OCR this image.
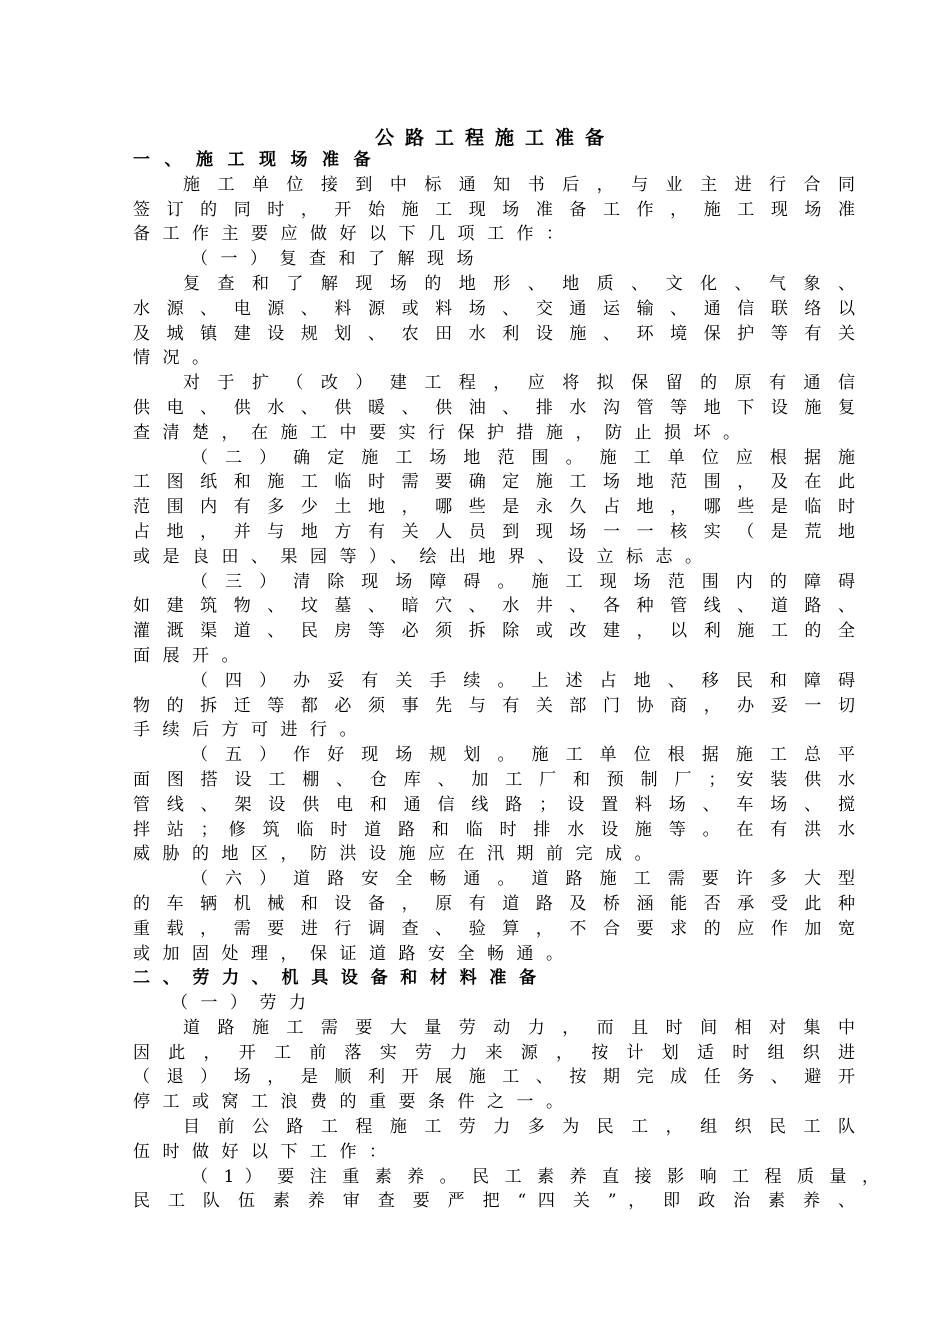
公路工程施工准备
一、施工现场准备
施​ 工​ 单​ 位​ 接​ 到​ 中​ 标​ 通​ 知​ 书​ 后​ ，​ 与​ 业​ 主​ 进​ 行​ 合​ 同
签​ 订​ 的​ 同​ 时​ ，​ 开​ 始​ 施​ 工​ 现​ 场​ 准​ 备​ 工​ 作​ ，​ 施​ 工​ 现​ 场​ 准
备工作主要应做好以下几项工作：
（一）复查和了解现场
复​ 查​ 和​ 了​ 解​ 现​ 场​ 的​ 地​ 形​ 、​ 地​ 质​ 、​ 文​ 化​ 、​ 气​ 象​ 、
水​ 源​ 、​ 电​ 源​ 、​ 料​ 源​ 或​ 料​ 场​ 、​ 交​ 通​ 运​ 输​ 、​ 通​ 信​ 联​ 络​ 以
及​ 城​ 镇​ 建​ 设​ 规​ 划​ 、​ 农​ 田​ 水​ 利​ 设​ 施​ 、​ 环​ 境​ 保​ 护​ 等​ 有​ 关
情况。
对​ 于​ 扩​ （​ 改​ ）​ 建​ 工​ 程​ ，​ 应​ 将​ 拟​ 保​ 留​ 的​ 原​ 有​ 通​ 信
供​ 电​ 、​ 供​ 水​ 、​ 供​ 暖​ 、​ 供​ 油​ 、​ 排​ 水​ 沟​ 管​ 等​ 地​ 下​ 设​ 施​ 复
查清楚，在施工中要实行保护措施，防止损坏。
（​ 二​ ）​ 确​ 定​ 施​ 工​ 场​ 地​ 范​ 围​ 。​ 施​ 工​ 单​ 位​ 应​ 根​ 据​ 施
工​ 图​ 纸​ 和​ 施​ 工​ 临​ 时​ 需​ 要​ 确​ 定​ 施​ 工​ 场​ 地​ 范​ 围​ ，​ 及​ 在​ 此
范​ 围​ 内​ 有​ 多​ 少​ 土​ 地​ ，​ 哪​ 些​ 是​ 永​ 久​ 占​ 地​ ，​ 哪​ 些​ 是​ 临​ 时
占​ 地​ ，​ 并​ 与​ 地​ 方​ 有​ 关​ 人​ 员​ 到​ 现​ 场​ 一​ 一​ 核​ 实​ （​ 是​ 荒​ 地
或是良田、果园等）、绘出地界、设立标志。
（​ 三​ ）​ 清​ 除​ 现​ 场​ 障​ 碍​ 。​ 施​ 工​ 现​ 场​ 范​ 围​ 内​ 的​ 障​ 碍
如​ 建​ 筑​ 物​ 、​ 坟​ 墓​ 、​ 暗​ 穴​ 、​ 水​ 井​ 、​ 各​ 种​ 管​ 线​ 、​ 道​ 路​ 、
灌​ 溉​ 渠​ 道​ 、​ 民​ 房​ 等​ 必​ 须​ 拆​ 除​ 或​ 改​ 建​ ，​ 以​ 利​ 施​ 工​ 的​ 全
面展开。
（​ 四​ ）​ 办​ 妥​ 有​ 关​ 手​ 续​ 。​ 上​ 述​ 占​ 地​ 、​ 移​ 民​ 和​ 障​ 碍
物​ 的​ 拆​ 迁​ 等​ 都​ 必​ 须​ 事​ 先​ 与​ 有​ 关​ 部​ 门​ 协​ 商​ ，​ 办​ 妥​ 一​ 切
手续后方可进行。
（​ 五​ ）​ 作​ 好​ 现​ 场​ 规​ 划​ 。​ 施​ 工​ 单​ 位​ 根​ 据​ 施​ 工​ 总​ 平
面​ 图​ 搭​ 设​ 工​ 棚​ 、​ 仓​ 库​ 、​ 加​ 工​ 厂​ 和​ 预​ 制​ 厂​ ；​ 安​ 装​ 供​ 水
管​ 线​ 、​ 架​ 设​ 供​ 电​ 和​ 通​ 信​ 线​ 路​ ；​ 设​ 置​ 料​ 场​ 、​ 车​ 场​ 、​ 搅
拌​ 站​ ；​ 修​ 筑​ 临​ 时​ 道​ 路​ 和​ 临​ 时​ 排​ 水​ 设​ 施​ 等​ 。​ 在​ 有​ 洪​ 水
威胁的地区，防洪设施应在汛期前完成。
（​ 六​ ）​ 道​ 路​ 安​ 全​ 畅​ 通​ 。​ 道​ 路​ 施​ 工​ 需​ 要​ 许​ 多​ 大​ 型
的​ 车​ 辆​ 机​ 械​ 和​ 设​ 备​ ，​ 原​ 有​ 道​ 路​ 及​ 桥​ 涵​ 能​ 否​ 承​ 受​ 此​ 种
重​ 载​ ，​ 需​ 要​ 进​ 行​ 调​ 查​ 、​ 验​ 算​ ，​ 不​ 合​ 要​ 求​ 的​ 应​ 作​ 加​ 宽
或加固处理，保证道路安全畅通。
二、劳力、机具设备和材料准备
（一）劳力
道​ 路​ 施​ 工​ 需​ 要​ 大​ 量​ 劳​ 动​ 力​ ，​ 而​ 且​ 时​ 间​ 相​ 对​ 集​ 中
因​ 此​ ，​ 开​ 工​ 前​ 落​ 实​ 劳​ 力​ 来​ 源​ ，​ 按​ 计​ 划​ 适​ 时​ 组​ 织​ 进
（​ 退​ ）​ 场​ ，​ 是​ 顺​ 利​ 开​ 展​ 施​ 工​ 、​ 按​ 期​ 完​ 成​ 任​ 务​ 、​ 避​ 开
停工或窝工浪费的重要条件之一。
目​ 前​ 公​ 路​ 工​ 程​ 施​ 工​ 劳​ 力​ 多​ 为​ 民​ 工​ ，​ 组​ 织​ 民​ 工​ 队
伍时做好以下工作：
（​ 1​ ）​ 要​ 注​ 重​ 素​ 养​ 。​ 民​ 工​ 素​ 养​ 直​ 接​ 影​ 响​ 工​ 程​ 质​ 量​ ，
民​ 工​ 队​ 伍​ 素​ 养​ 审​ 查​ 要​ 严​ 把​ “​ 四​ 关​ ”​ ，​ 即​ 政​ 治​ 素​ 养​ 、
